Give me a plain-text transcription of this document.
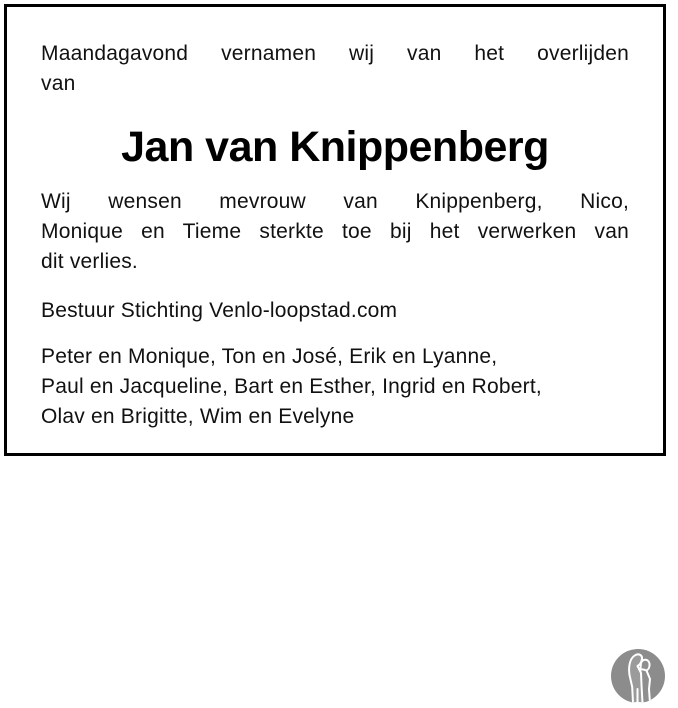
Maandagavond vernamen wij van het overlijden
van
Jan van Knippenberg
Wij wensen mevrouw van Knippenberg, Nico,
Monique en Tieme sterkte toe bij het verwerken van
dit verlies.
Bestuur Stichting Venlo-loopstad.com
Peter en Monique, Ton en José, Erik en Lyanne,
Paul en Jacqueline, Bart en Esther, Ingrid en Robert,
Olav en Brigitte, Wim en Evelyne
